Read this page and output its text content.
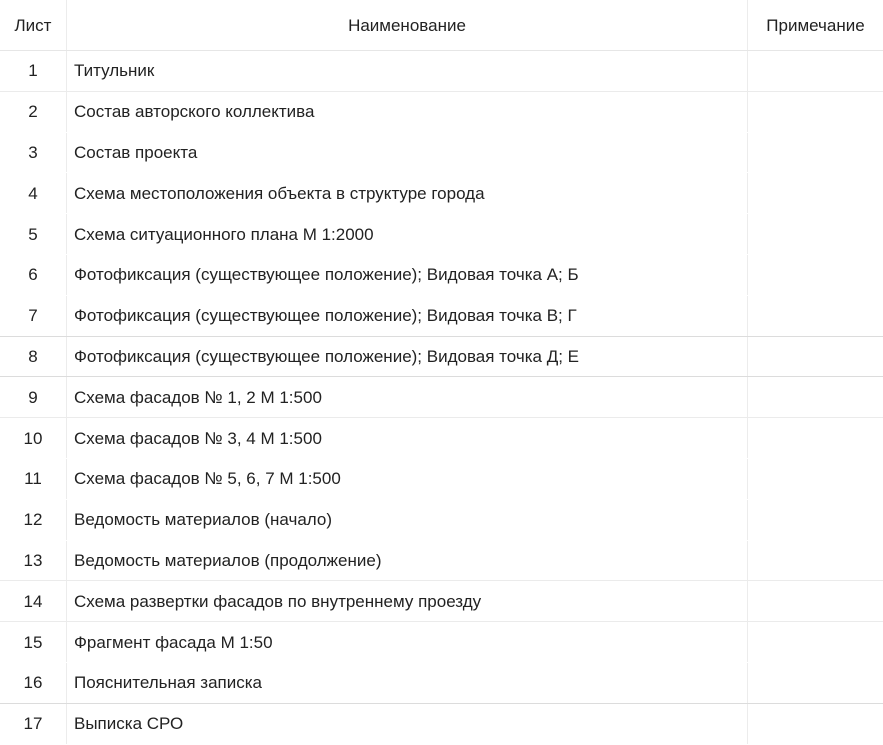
Лист	Наименование	Примечание
1	Титульник
2	Состав авторского коллектива
3	Состав проекта
4	Схема местоположения объекта в структуре города
5	Схема ситуационного плана М 1:2000
6	Фотофиксация (существующее положение); Видовая точка А; Б
7	Фотофиксация (существующее положение); Видовая точка В; Г
8	Фотофиксация (существующее положение); Видовая точка Д; Е
9	Схема фасадов № 1, 2 М 1:500
10	Схема фасадов № 3, 4 М 1:500
11	Схема фасадов № 5, 6, 7 М 1:500
12	Ведомость материалов (начало)
13	Ведомость материалов (продолжение)
14	Схема развертки фасадов по внутреннему проезду
15	Фрагмент фасада М 1:50
16	Пояснительная записка
17	Выписка СРО
